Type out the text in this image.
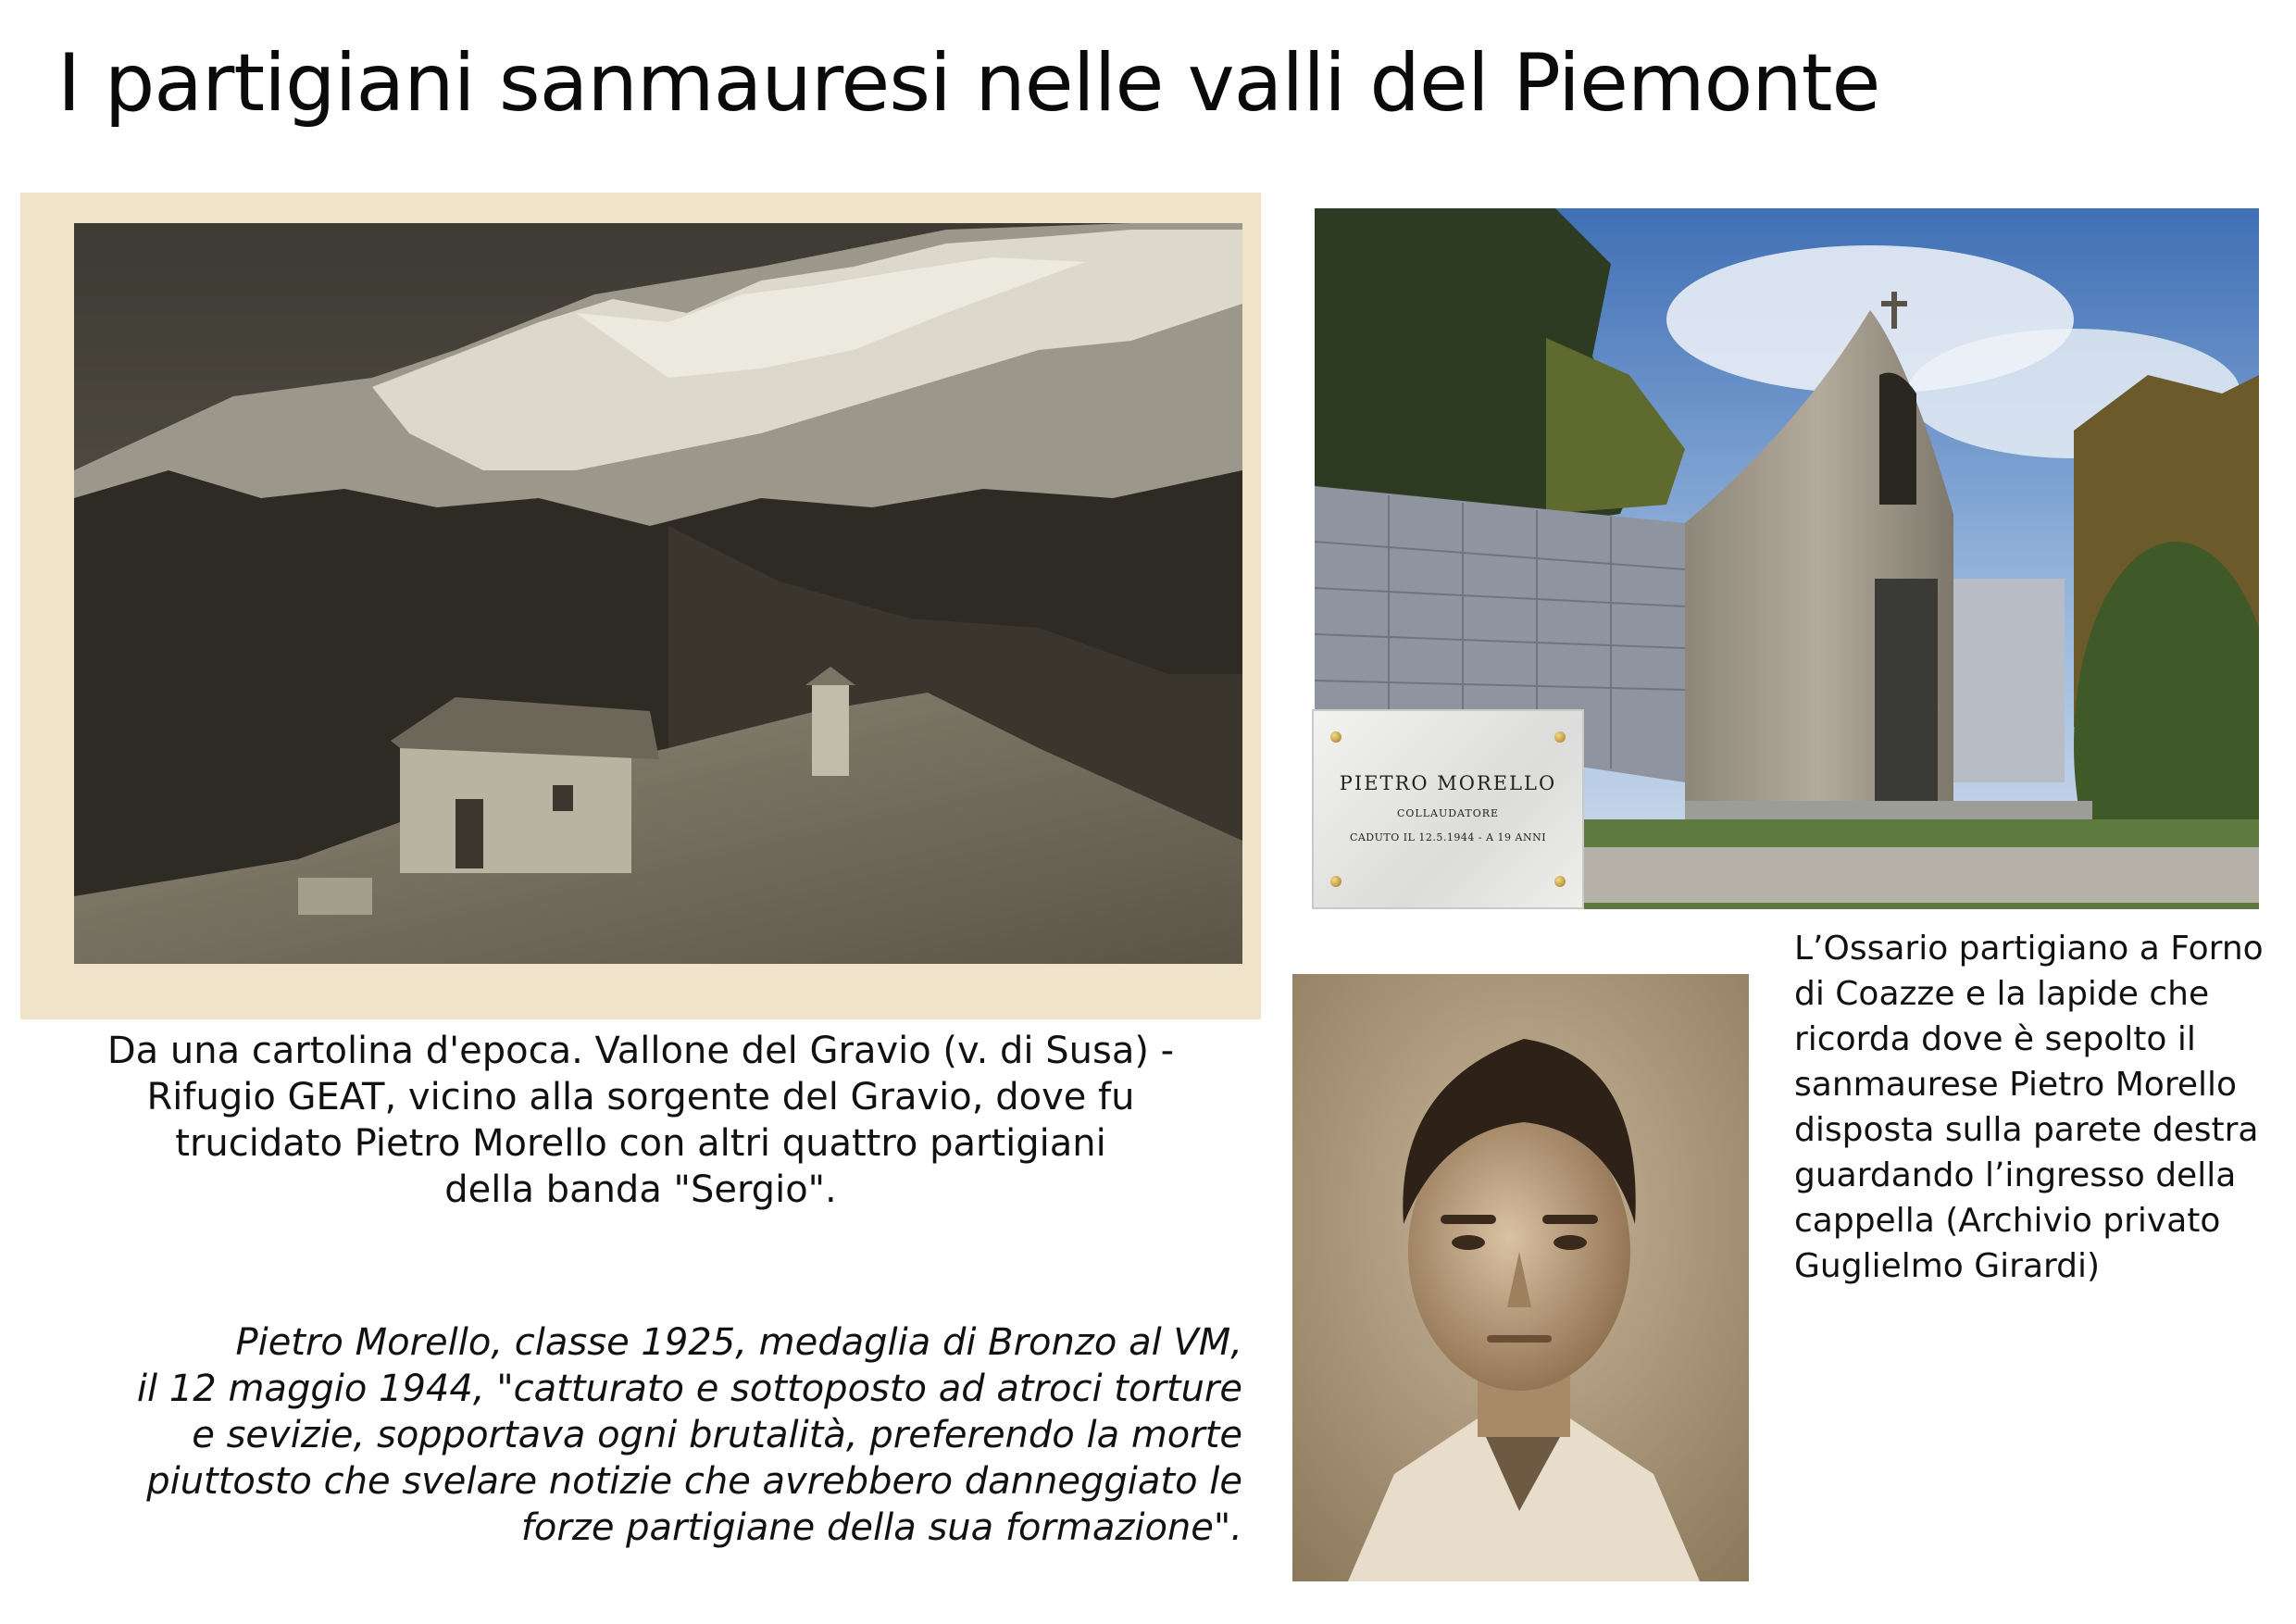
I partigiani sanmauresi nelle valli del Piemonte
PIETRO MORELLO
COLLAUDATORE
CADUTO IL 12.5.1944 - A 19 ANNI
Da una cartolina d'epoca. Vallone del Gravio (v. di Susa) -
Rifugio GEAT, vicino alla sorgente del Gravio, dove fu
trucidato Pietro Morello con altri quattro partigiani
della banda "Sergio".
Pietro Morello, classe 1925, medaglia di Bronzo al VM,
il 12 maggio 1944, "catturato e sottoposto ad atroci torture
e sevizie, sopportava ogni brutalità, preferendo la morte
piuttosto che svelare notizie che avrebbero danneggiato le
forze partigiane della sua formazione".
L’Ossario partigiano a Forno
di Coazze e la lapide che
ricorda dove è sepolto il
sanmaurese Pietro Morello
disposta sulla parete destra
guardando l’ingresso della
cappella (Archivio privato
Guglielmo Girardi)
